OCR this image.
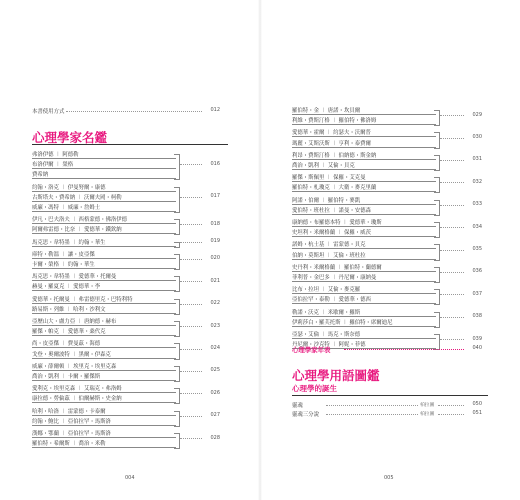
本書使用方式	012
心理學家名鑑
弗洛伊德 ︱ 阿德勒
布洛伊爾 ︱ 榮格
費希納
016
約翰・洛克 ︱ 伊曼努爾・康德
古斯塔夫・費希納 ︱ 沃爾夫岡・柯勒
威廉・馮特 ︱ 威廉・詹姆士
017
伊凡・巴夫洛夫 ︱ 西格蒙德・佛洛伊德
阿爾弗雷德・比奈 ︱ 愛德華・鐵欽納
018
馬克思・韋特墨 ︱ 約翰・華生	019
庫特・勒溫 ︱ 讓・皮亞傑
卡爾・榮格 ︱ 約翰・華生
020
馬克思・韋特墨 ︱ 愛德華・托爾曼
赫曼・羅夏克 ︱ 愛德華・李
021
愛德華・托爾曼 ︱ 弗雷德里克・巴特利特
路易斯・列維 ︱ 哈利・沙利文
022
亞歷山大・盧力亞 ︱ 唐納德・赫布
羅傑・帕克 ︱ 愛德華・桑代克
023
尚・皮亞傑 ︱ 費曼茲・海德
戈登・奧爾波特 ︱ 黑爾・伊森克
024
威廉・薛爾頓 ︱ 埃里克・埃里克森
喬治・凱利 ︱ 卡爾・羅傑斯
025
愛利克・埃里克森 ︱ 艾瑞克・弗洛姆
康拉德・勞倫茲 ︱ 伯爾赫斯・史金納
026
哈利・哈洛 ︱ 雷蒙德・卡泰爾
約翰・鮑比 ︱ 亞伯拉罕・馬斯洛
027
漢娜・鄂蘭 ︱ 亞伯拉罕・馬斯洛
羅伯特・希爾斯 ︱ 喬治・米勒
028
004
羅伯特・金 ︱ 唐諾・坎貝爾
利維・費斯汀格 ︱ 羅伯特・佛洛姆
029
愛德華・霍爾 ︱ 約瑟夫・沃爾普
瑪麗・艾斯沃斯 ︱ 亨利・泰費爾
030
利昂・費斯汀格 ︱ 伯納德・斯金納
喬治・凱利 ︱ 艾倫・貝克
031
羅傑・斯佩里 ︱ 保羅・艾克曼
羅伯特・札瓊克 ︱ 大衛・麥克里蘭
032
阿諾・伯爾 ︱ 羅伯特・麥凱
愛伯特・班杜拉 ︱ 諾曼・安德森
033
康納德・布羅德本特 ︱ 愛德華・瓊斯
史坦利・米爾格蘭 ︱ 保羅・威茨
034
諾姆・杭士基 ︱ 雷蒙德・貝克
伯納・莫斯坦 ︱ 艾倫・班杜拉
035
史丹利・米爾格蘭 ︱ 羅伯特・蘭德爾
菲利普・金巴多 ︱ 丹尼爾・康納曼
036
比布・拉坦 ︱ 艾倫・麥克羅
亞伯拉罕・泰勒 ︱ 愛德華・德西
037
勒諾・沃克 ︱ 米歇爾・羅斯
伊莉莎白・羅芙托斯 ︱ 羅伯特・席爾迪尼
038
亞瑟・艾倫 ︱ 馬克・斯奈德
丹尼爾・沙克特 ︱ 阿妮・菲德
039
心理學家年表	040
心理學用語圖鑑
心理學的誕生
靈魂	柏拉圖	050
靈魂三分說	柏拉圖	051
005
